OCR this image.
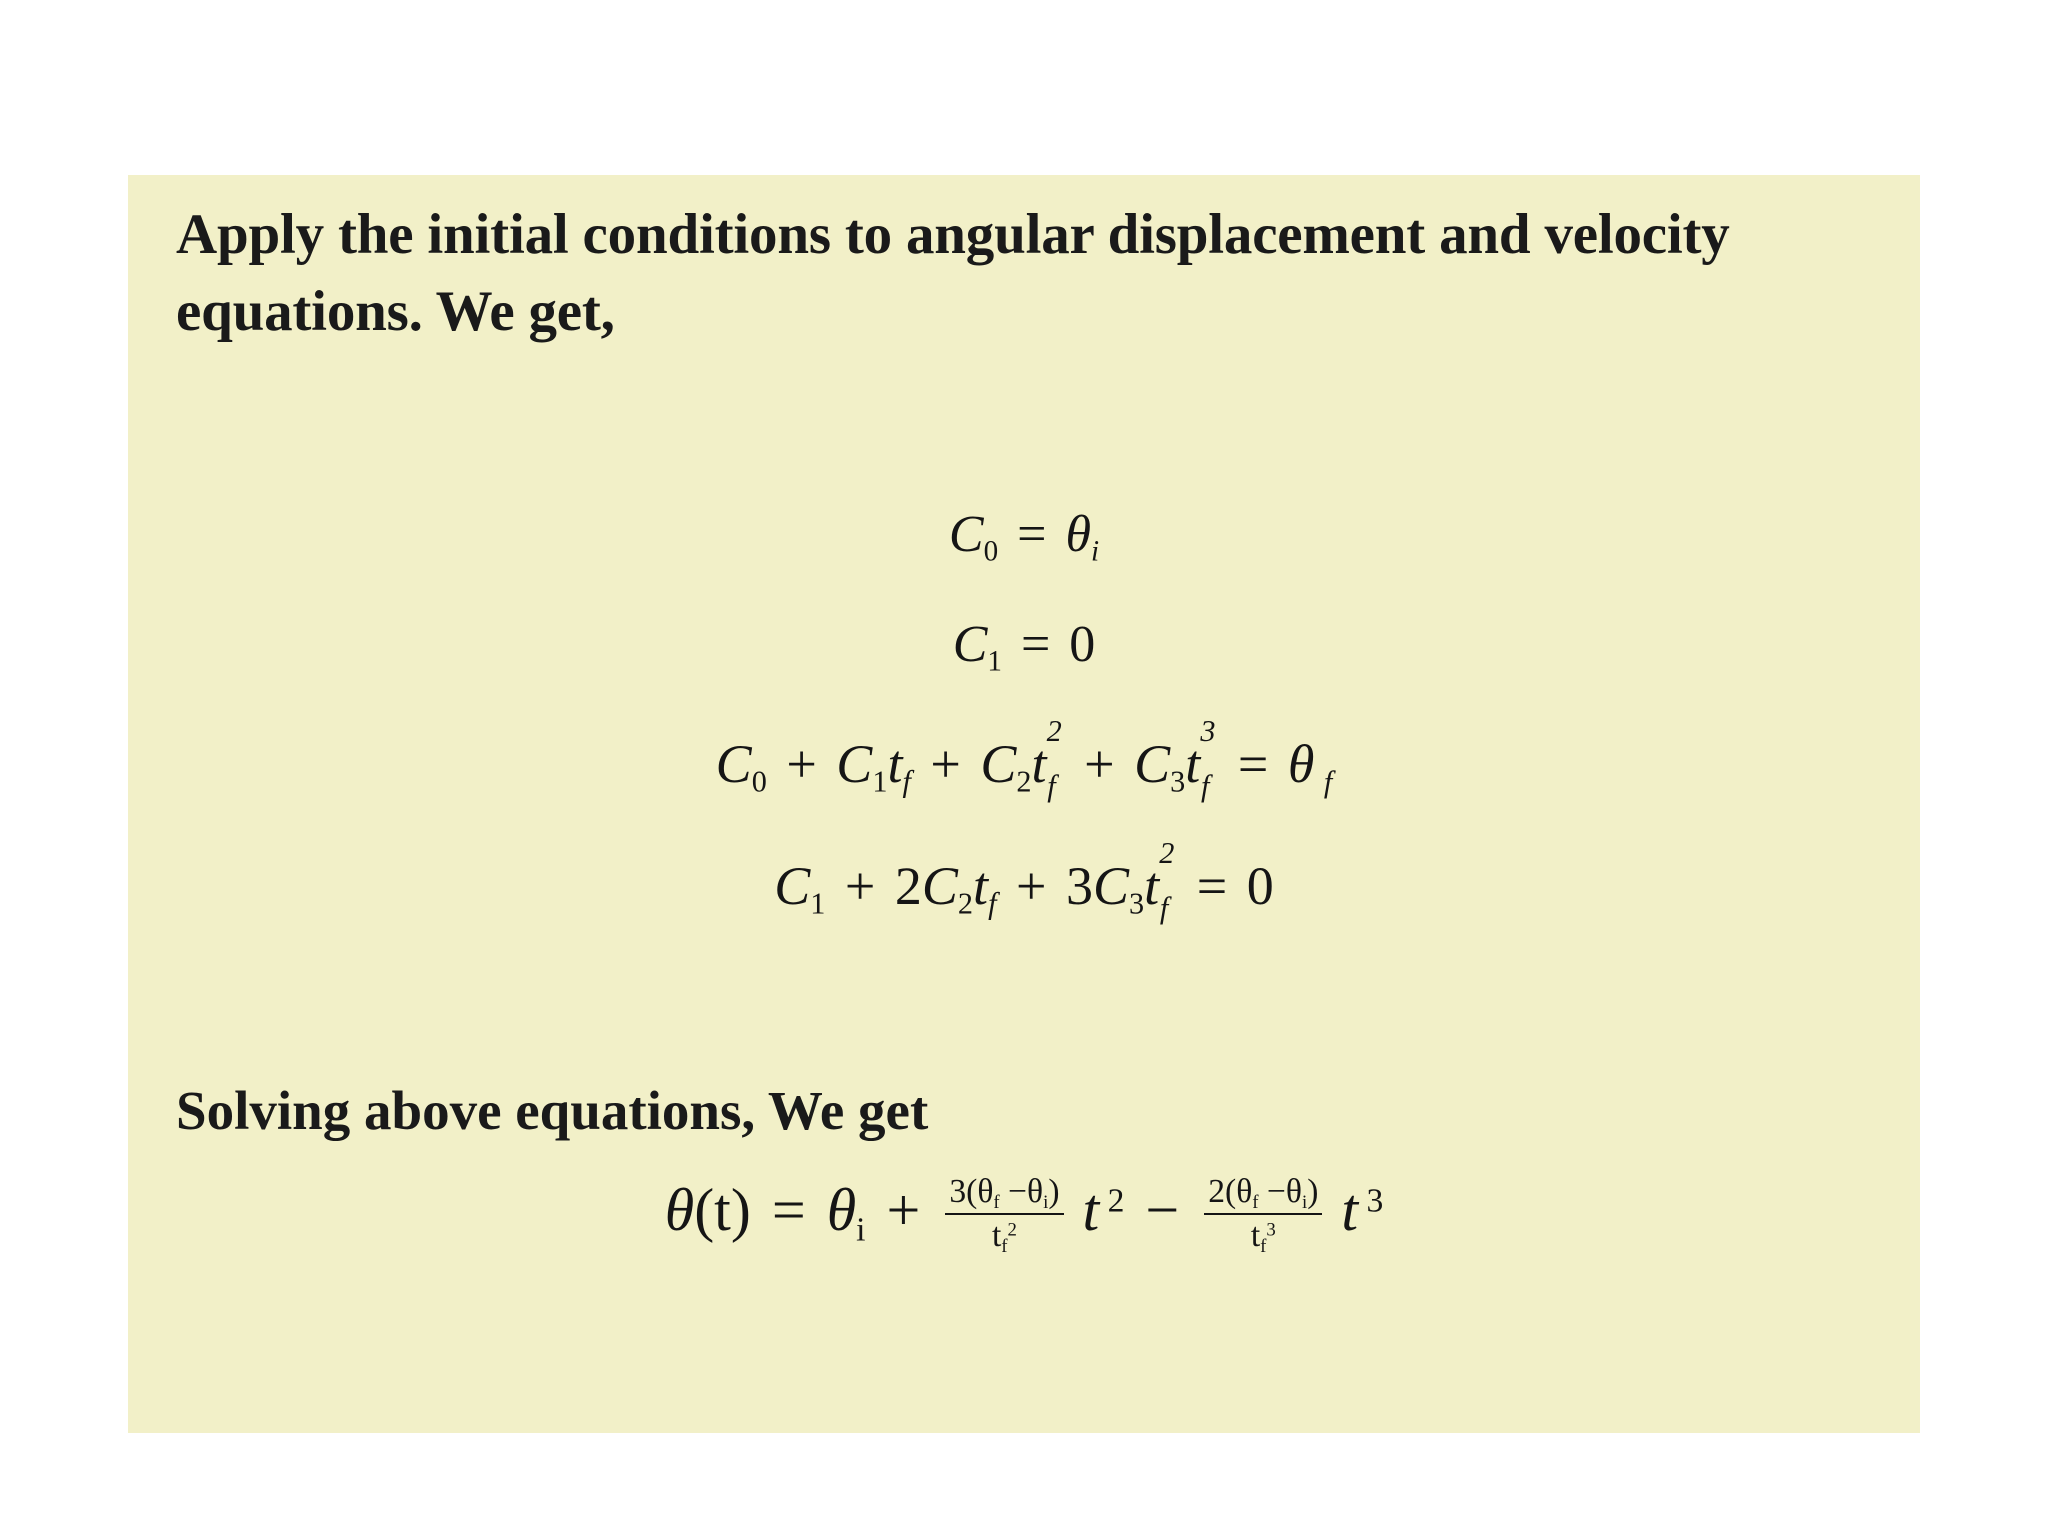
Apply the initial conditions to angular displacement and velocity equations. We get,
$C_0 = \theta_i$
$C_1 = 0$
$C_0 + C_1t_f + C_2t$
2
$f + C_3t$
3
f = θ $_f$
$C_1 + 2C_2t_f + 3C_3t$
2
f = 0
Solving above equations, We get
$\theta(t) = \theta_i + \frac{3(\theta_f -\theta_i)}{t_f^2}$ t $^2 - \frac{2(\theta_f -\theta_i)}{t_f^3}$ t $^3$
